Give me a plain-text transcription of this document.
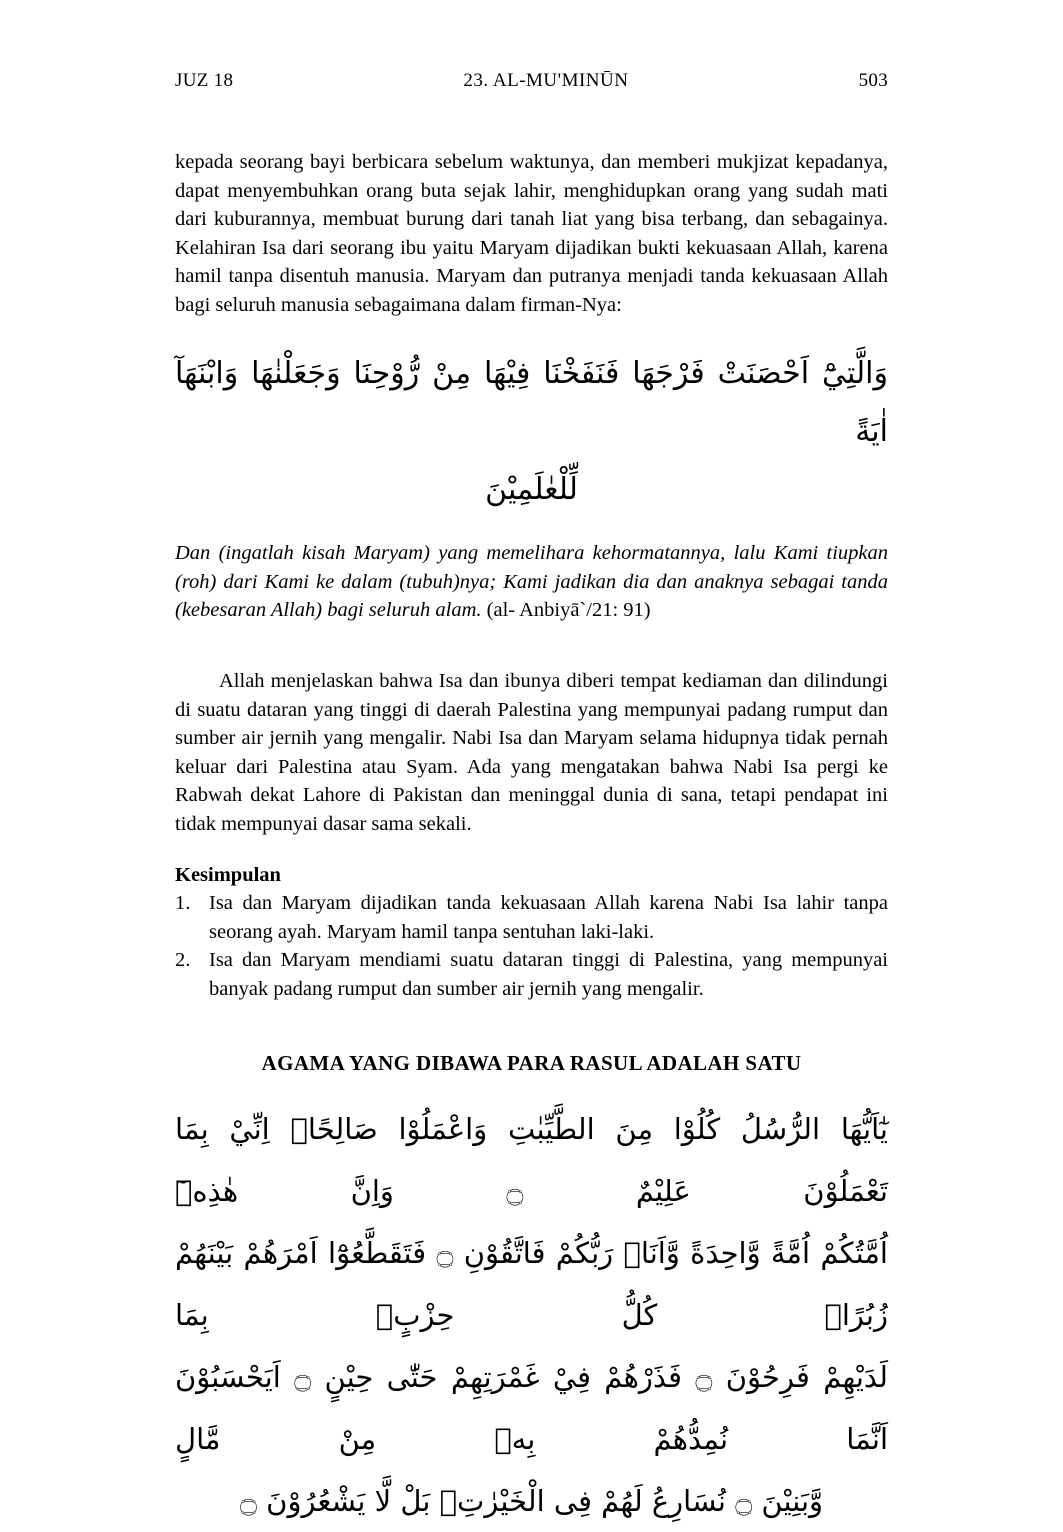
JUZ 18	23. AL-MU'MINŪN	503

kepada seorang bayi berbicara sebelum waktunya, dan memberi mukjizat kepadanya, dapat menyembuhkan orang buta sejak lahir, menghidupkan orang yang sudah mati dari kuburannya, membuat burung dari tanah liat yang bisa terbang, dan sebagainya. Kelahiran Isa dari seorang ibu yaitu Maryam dijadikan bukti kekuasaan Allah, karena hamil tanpa disentuh manusia. Maryam dan putranya menjadi tanda kekuasaan Allah bagi seluruh manusia sebagaimana dalam firman-Nya:

وَالَّتِيْٓ اَحْصَنَتْ فَرْجَهَا فَنَفَخْنَا فِيْهَا مِنْ رُّوْحِنَا وَجَعَلْنٰهَا وَابْنَهَآ اٰيَةً
لِّلْعٰلَمِيْنَ

Dan (ingatlah kisah Maryam) yang memelihara kehormatannya, lalu Kami tiupkan (roh) dari Kami ke dalam (tubuh)nya; Kami jadikan dia dan anaknya sebagai tanda (kebesaran Allah) bagi seluruh alam. (al- Anbiyā`/21: 91)

Allah menjelaskan bahwa Isa dan ibunya diberi tempat kediaman dan dilindungi di suatu dataran yang tinggi di daerah Palestina yang mempunyai padang rumput dan sumber air jernih yang mengalir. Nabi Isa dan Maryam selama hidupnya tidak pernah keluar dari Palestina atau Syam. Ada yang mengatakan bahwa Nabi Isa pergi ke Rabwah dekat Lahore di Pakistan dan meninggal dunia di sana, tetapi pendapat ini tidak mempunyai dasar sama sekali.

Kesimpulan
1. Isa dan Maryam dijadikan tanda kekuasaan Allah karena Nabi Isa lahir tanpa seorang ayah. Maryam hamil tanpa sentuhan laki-laki.
2. Isa dan Maryam mendiami suatu dataran tinggi di Palestina, yang mempunyai banyak padang rumput dan sumber air jernih yang mengalir.
AGAMA YANG DIBAWA PARA RASUL ADALAH SATU
يٰٓاَيُّهَا الرُّسُلُ كُلُوْا مِنَ الطَّيِّبٰتِ وَاعْمَلُوْا صَالِحًاۗ اِنِّيْ بِمَا تَعْمَلُوْنَ عَلِيْمٌ ۝ وَاِنَّ هٰذِهٖٓ
اُمَّتُكُمْ اُمَّةً وَّاحِدَةً وَّاَنَا۠ رَبُّكُمْ فَاتَّقُوْنِ ۝ فَتَقَطَّعُوْٓا اَمْرَهُمْ بَيْنَهُمْ زُبُرًاۗ كُلُّ حِزْبٍۢ بِمَا
لَدَيْهِمْ فَرِحُوْنَ ۝ فَذَرْهُمْ فِيْ غَمْرَتِهِمْ حَتّٰى حِيْنٍ ۝ اَيَحْسَبُوْنَ اَنَّمَا نُمِدُّهُمْ بِهٖ مِنْ مَّالٍ
وَّبَنِيْنَ ۝ نُسَارِعُ لَهُمْ فِى الْخَيْرٰتِۗ بَلْ لَّا يَشْعُرُوْنَ ۝
